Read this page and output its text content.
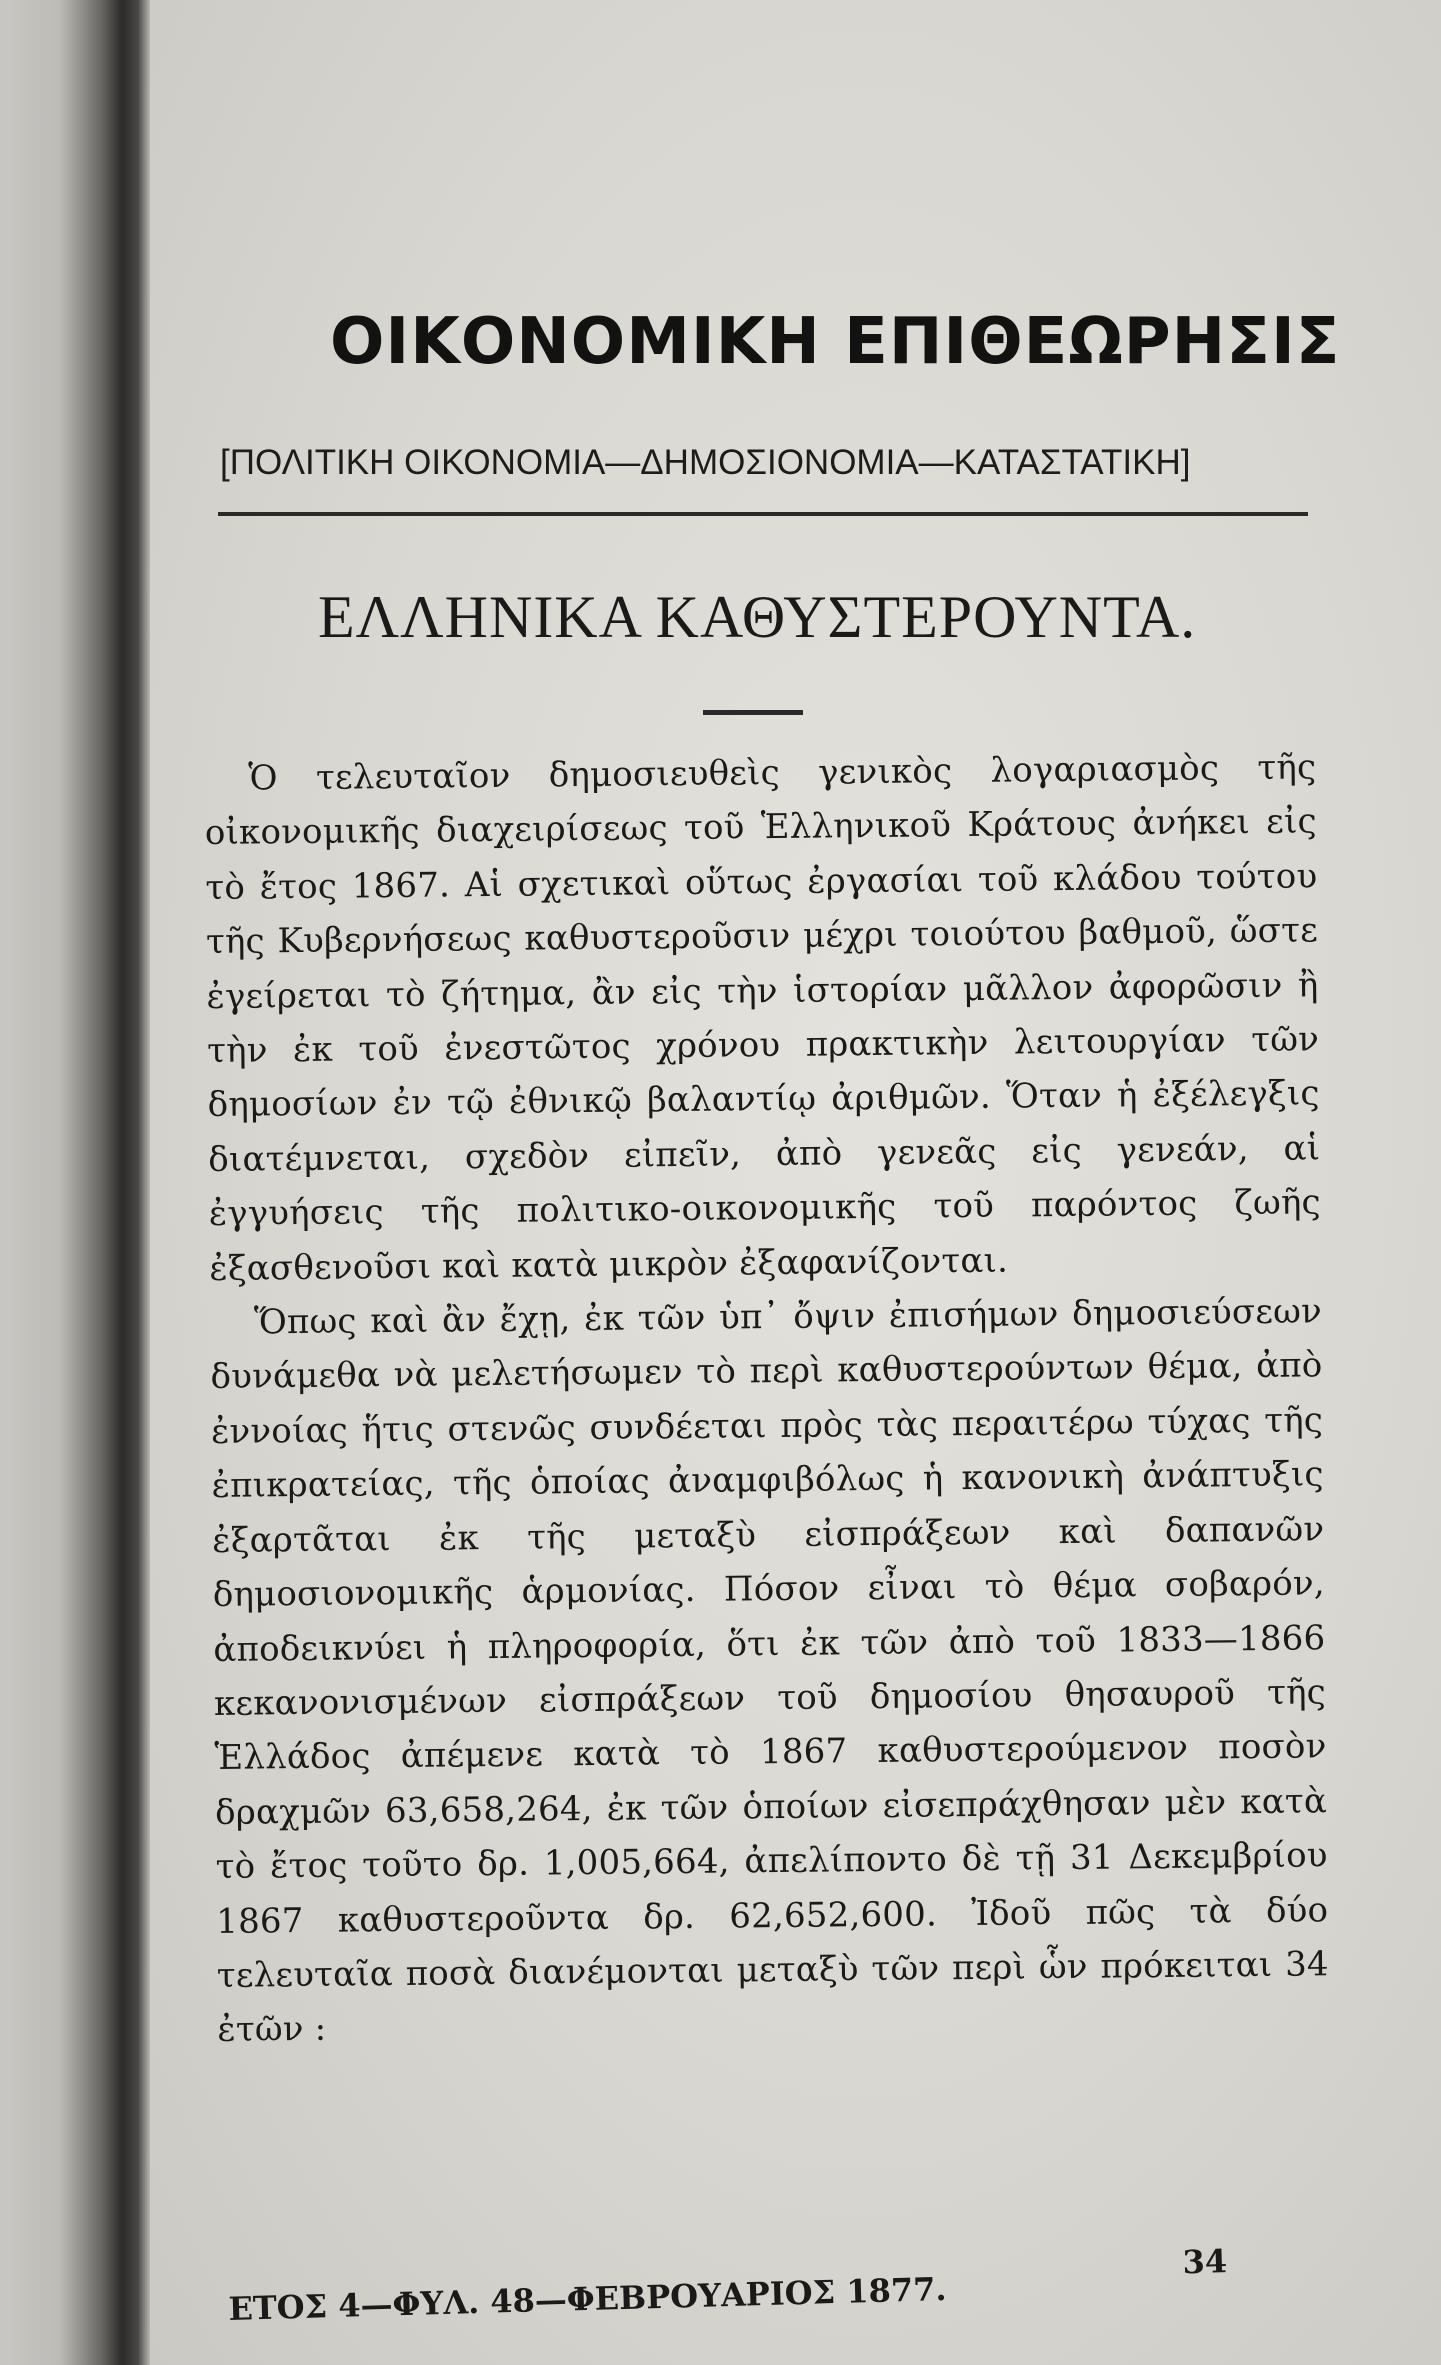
ΟΙΚΟΝΟΜΙΚΗ ΕΠΙΘΕΩΡΗΣΙΣ
[ΠΟΛΙΤΙΚΗ ΟΙΚΟΝΟΜΙΑ—ΔΗΜΟΣΙΟΝΟΜΙΑ—ΚΑΤΑΣΤΑΤΙΚΗ]
ΕΛΛΗΝΙΚΑ ΚΑΘΥΣΤΕΡΟΥΝΤΑ.

Ὁ τελευταῖον δημοσιευθεὶς γενικὸς λογαριασμὸς τῆς οἰκονομικῆς διαχειρίσεως τοῦ Ἑλληνικοῦ Κράτους ἀνήκει εἰς τὸ ἔτος 1867. Αἱ σχετικαὶ οὕτως ἐργασίαι τοῦ κλάδου τούτου τῆς Κυβερνήσεως καθυστεροῦσιν μέχρι τοιούτου βαθμοῦ, ὥστε ἐγείρεται τὸ ζήτημα, ἂν εἰς τὴν ἱστορίαν μᾶλλον ἀφορῶσιν ἢ τὴν ἐκ τοῦ ἐνεστῶτος χρόνου πρακτικὴν λειτουργίαν τῶν δημοσίων ἐν τῷ ἐθνικῷ βαλαντίῳ ἀριθμῶν. Ὅταν ἡ ἐξέλεγξις διατέμνεται, σχεδὸν εἰπεῖν, ἀπὸ γενεᾶς εἰς γενεάν, αἱ ἐγγυήσεις τῆς πολιτικο-οικονομικῆς τοῦ παρόντος ζωῆς ἐξασθενοῦσι καὶ κατὰ μικρὸν ἐξαφανίζονται.

Ὅπως καὶ ἂν ἔχῃ, ἐκ τῶν ὑπ᾽ ὄψιν ἐπισήμων δημοσιεύσεων δυνάμεθα νὰ μελετήσωμεν τὸ περὶ καθυστερούντων θέμα, ἀπὸ ἐννοίας ἥτις στενῶς συνδέεται πρὸς τὰς περαιτέρω τύχας τῆς ἐπικρατείας, τῆς ὁποίας ἀναμφιβόλως ἡ κανονικὴ ἀνάπτυξις ἐξαρτᾶται ἐκ τῆς μεταξὺ εἰσπράξεων καὶ δαπανῶν δημοσιονομικῆς ἁρμονίας. Πόσον εἶναι τὸ θέμα σοβαρόν, ἀποδεικνύει ἡ πληροφορία, ὅτι ἐκ τῶν ἀπὸ τοῦ 1833—1866 κεκανονισμένων εἰσπράξεων τοῦ δημοσίου θησαυροῦ τῆς Ἑλλάδος ἀπέμενε κατὰ τὸ 1867 καθυστερούμενον ποσὸν δραχμῶν 63,658,264, ἐκ τῶν ὁποίων εἰσεπράχθησαν μὲν κατὰ τὸ ἔτος τοῦτο δρ. 1,005,664, ἀπελίποντο δὲ τῇ 31 Δεκεμβρίου 1867 καθυστεροῦντα δρ. 62,652,600. Ἰδοῦ πῶς τὰ δύο τελευταῖα ποσὰ διανέμονται μεταξὺ τῶν περὶ ὧν πρόκειται 34 ἐτῶν :

ΕΤΟΣ 4—ΦΥΛ. 48—ΦΕΒΡΟΥΑΡΙΟΣ 1877.
34
